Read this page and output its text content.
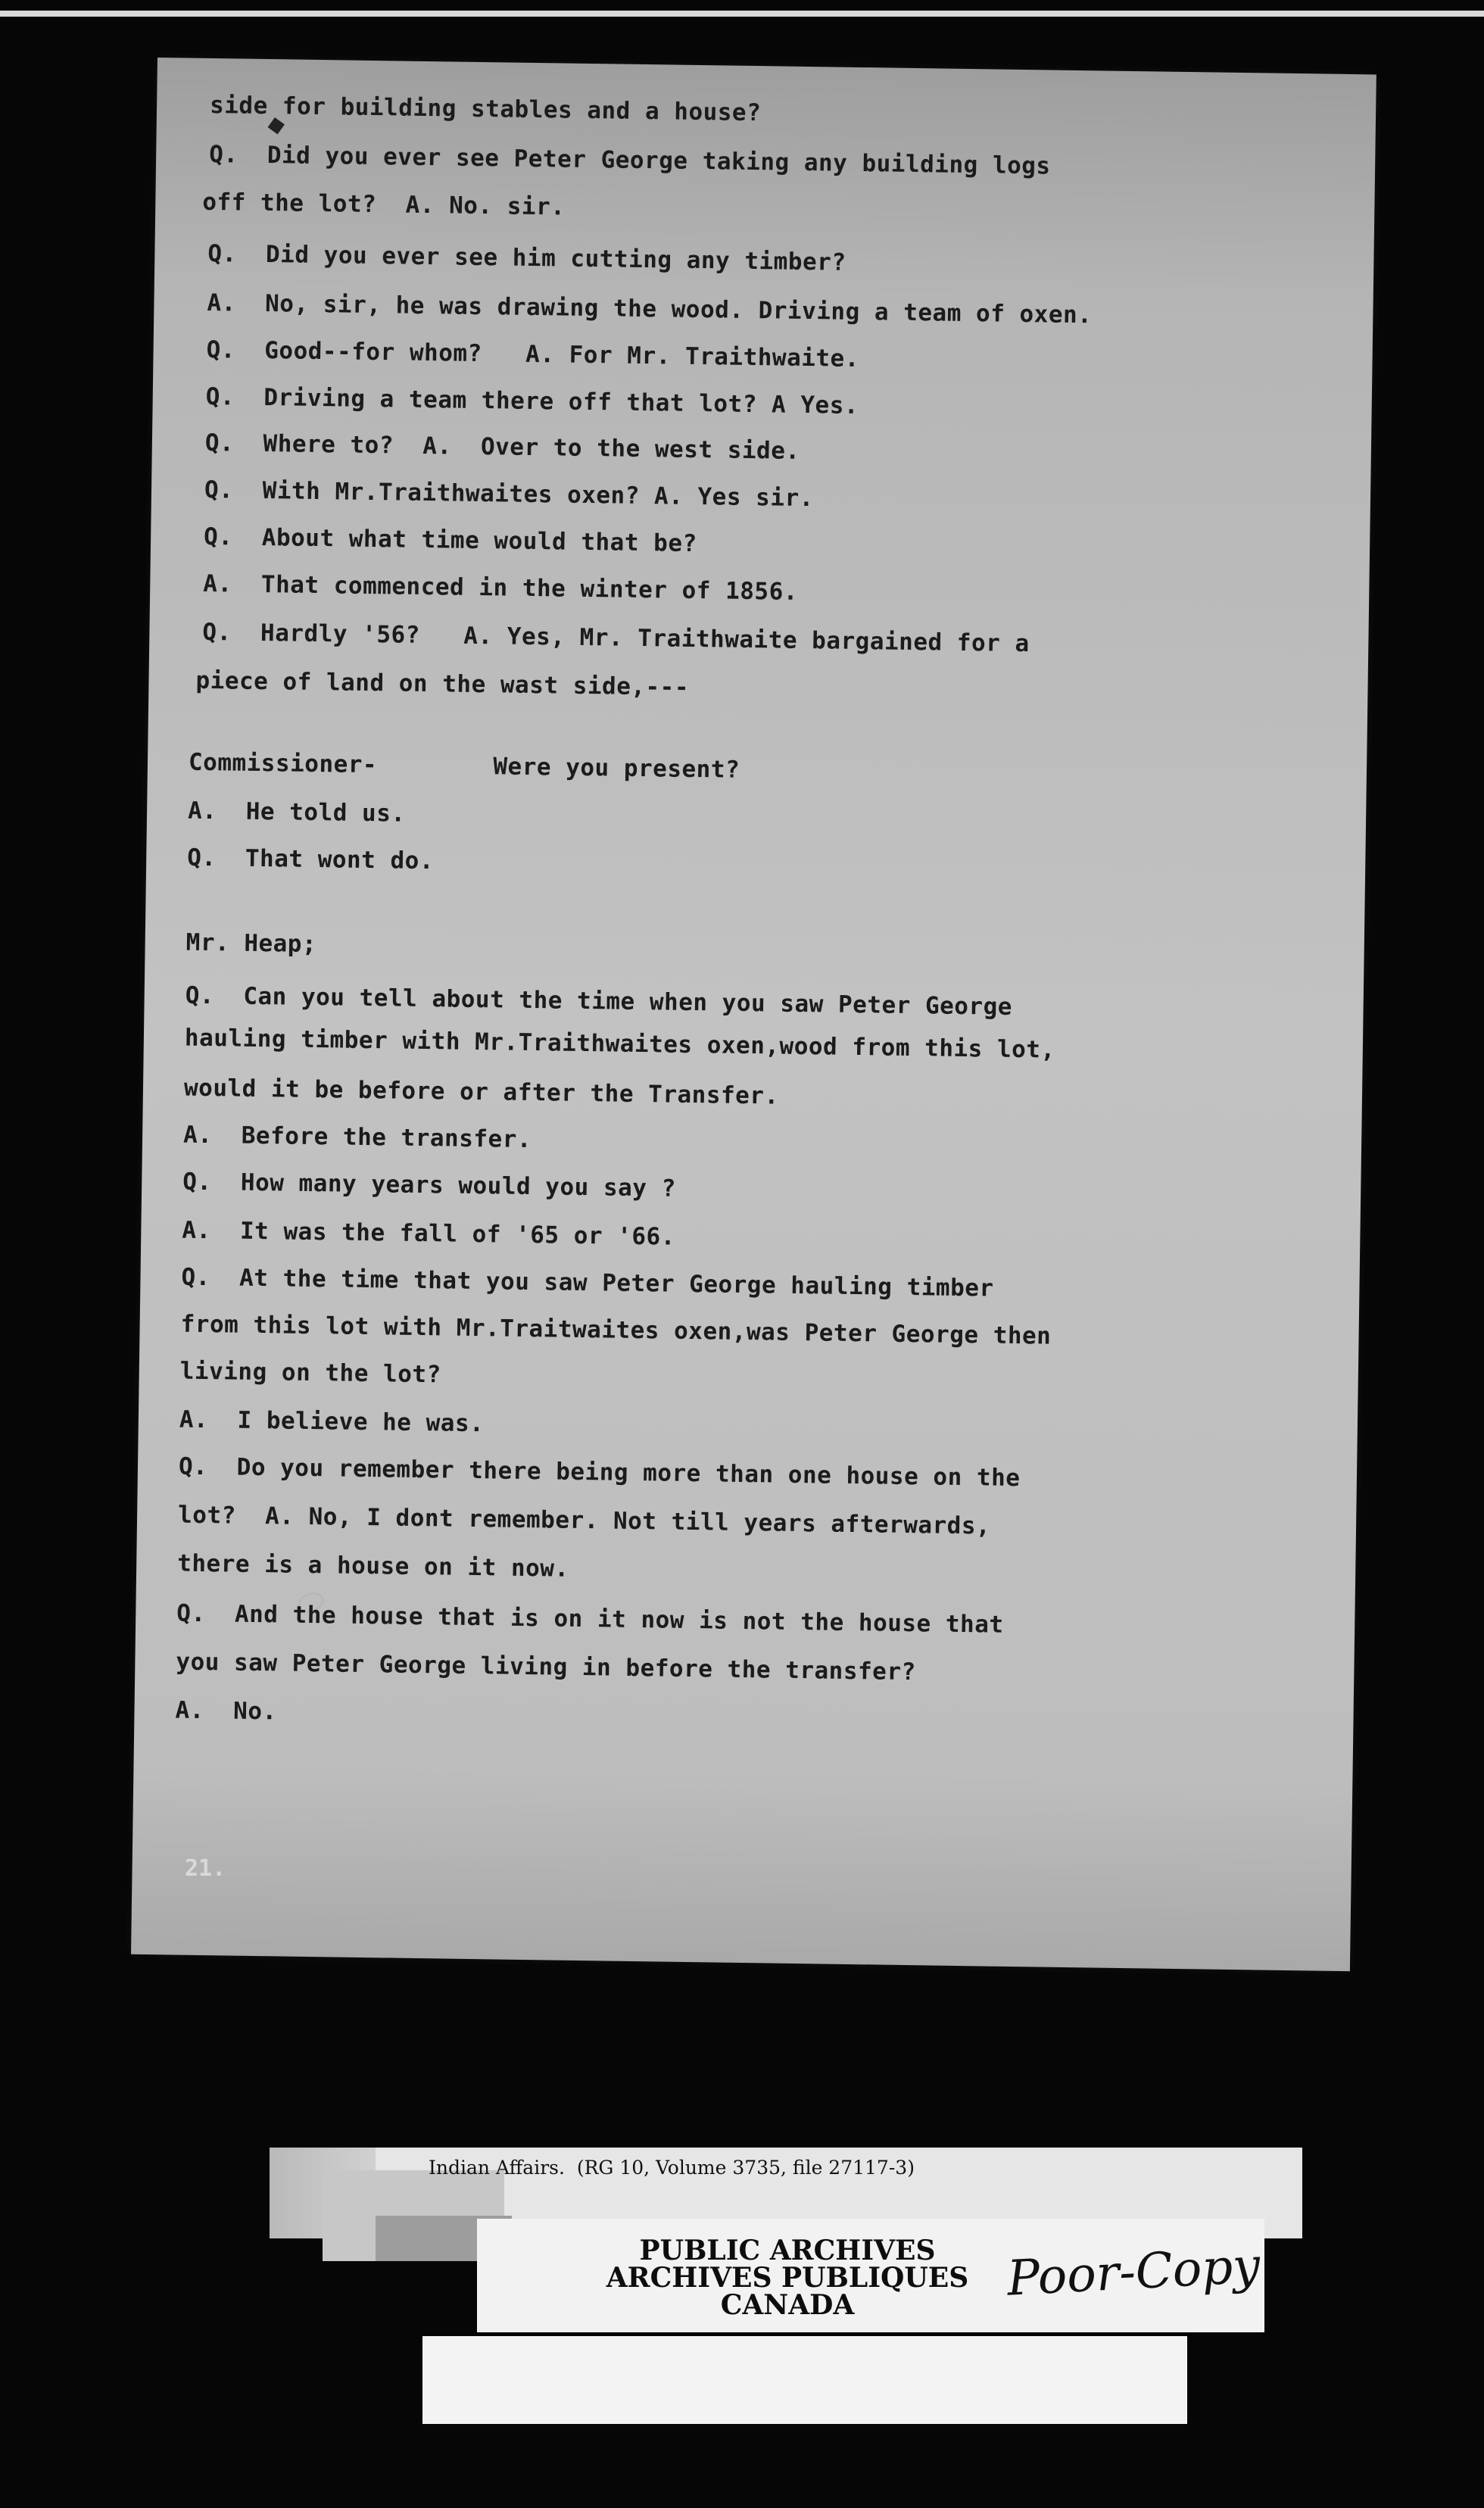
side for building stables and a house?
Q.  Did you ever see Peter George taking any building logs
off the lot?  A. No. sir.
Q.  Did you ever see him cutting any timber?
A.  No, sir, he was drawing the wood. Driving a team of oxen.
Q.  Good--for whom?   A. For Mr. Traithwaite.
Q.  Driving a team there off that lot? A Yes.
Q.  Where to?  A.  Over to the west side.
Q.  With Mr.Traithwaites oxen? A. Yes sir.
Q.  About what time would that be?
A.  That commenced in the winter of 1856.
Q.  Hardly '56?   A. Yes, Mr. Traithwaite bargained for a
piece of land on the wast side,---
Commissioner-        Were you present?
A.  He told us.
Q.  That wont do.
Mr. Heap;
Q.  Can you tell about the time when you saw Peter George
hauling timber with Mr.Traithwaites oxen,wood from this lot,
would it be before or after the Transfer.
A.  Before the transfer.
Q.  How many years would you say ?
A.  It was the fall of '65 or '66.
Q.  At the time that you saw Peter George hauling timber
from this lot with Mr.Traitwaites oxen,was Peter George then
living on the lot?
A.  I believe he was.
Q.  Do you remember there being more than one house on the
lot?  A. No, I dont remember. Not till years afterwards,
there is a house on it now.
Q.  And the house that is on it now is not the house that
you saw Peter George living in before the transfer?
A.  No.
21.
Indian Affairs.  (RG 10, Volume 3735, file 27117-3)
PUBLIC ARCHIVES
ARCHIVES PUBLIQUES
CANADA	Poor-Copy
